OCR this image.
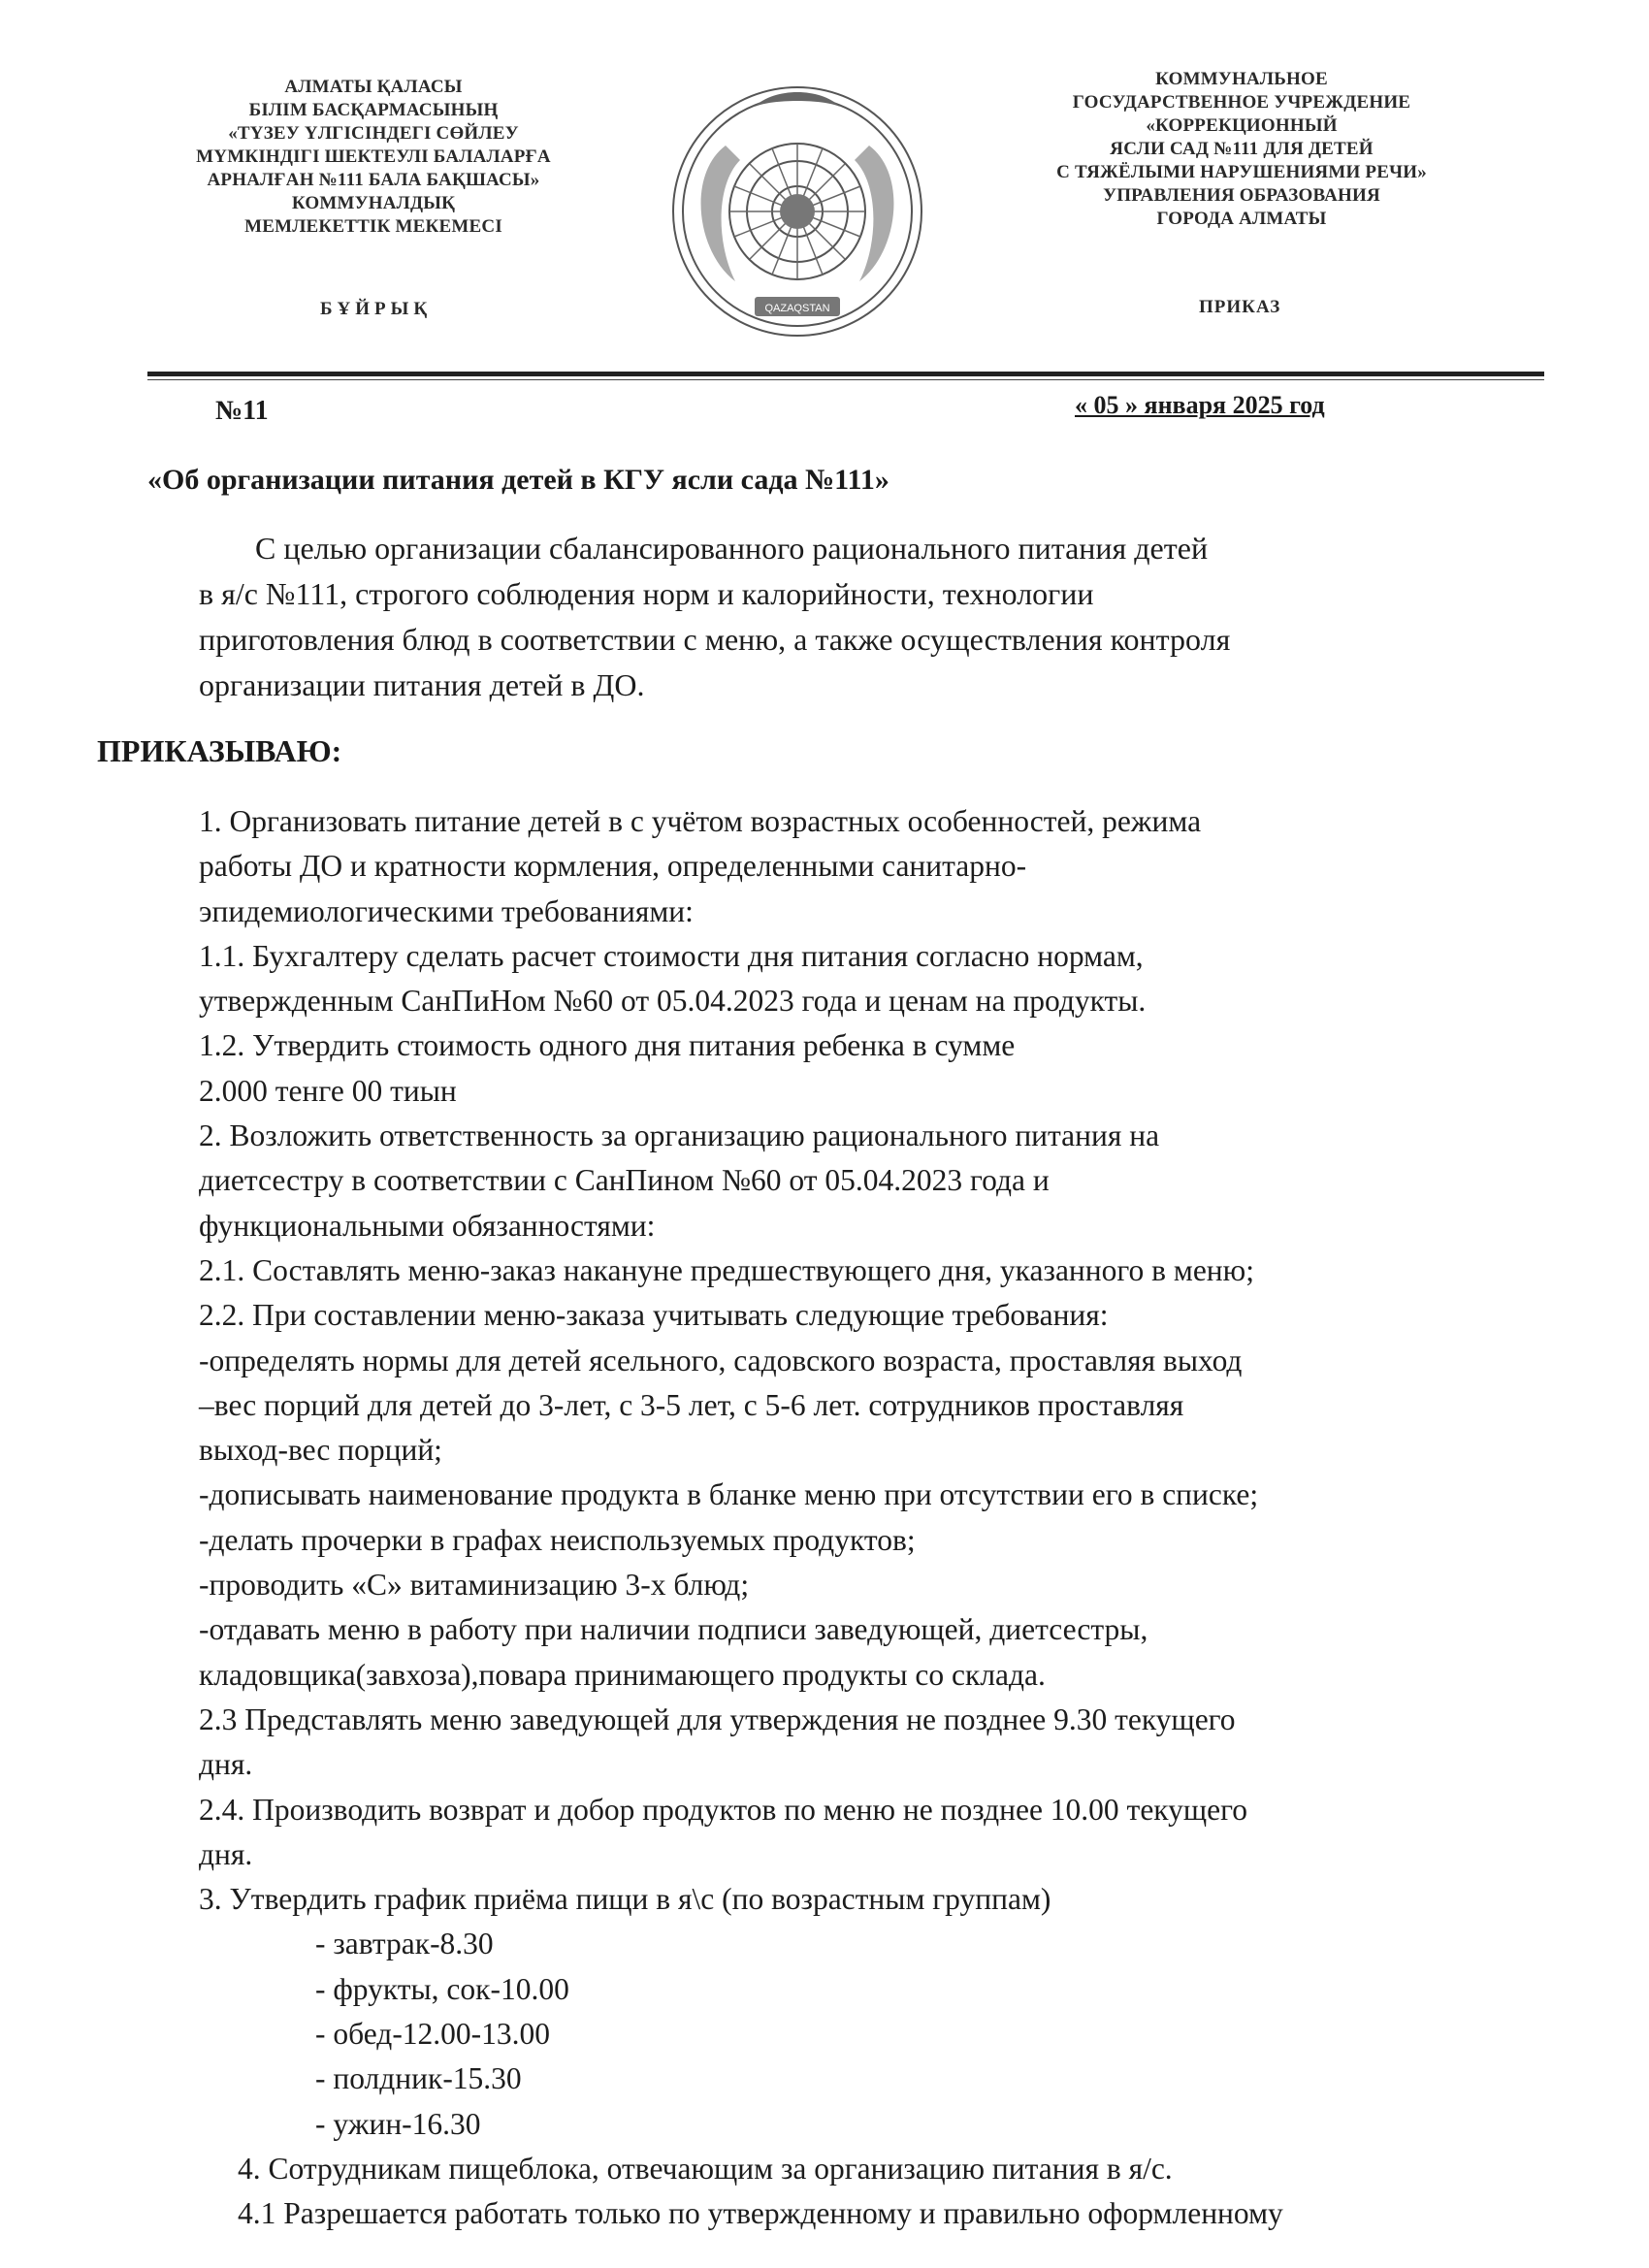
АЛМАТЫ ҚАЛАСЫ
БІЛІМ БАСҚАРМАСЫНЫҢ
«ТҮЗЕУ ҮЛГІСІНДЕГІ СӨЙЛЕУ
МҮМКІНДІГІ ШЕКТЕУЛІ БАЛАЛАРҒА
АРНАЛҒАН №111 БАЛА БАҚШАСЫ»
КОММУНАЛДЫҚ
МЕМЛЕКЕТТІК МЕКЕМЕСІ
БҰЙРЫҚ	QAZAQSTAN
КОММУНАЛЬНОЕ
ГОСУДАРСТВЕННОЕ УЧРЕЖДЕНИЕ
«КОРРЕКЦИОННЫЙ
ЯСЛИ САД №111 ДЛЯ ДЕТЕЙ
С ТЯЖЁЛЫМИ НАРУШЕНИЯМИ РЕЧИ»
УПРАВЛЕНИЯ ОБРАЗОВАНИЯ
ГОРОДА АЛМАТЫ
ПРИКАЗ
№11	« 05 » января 2025 год
«Об организации питания детей в КГУ ясли сада №111»
С целью организации сбалансированного рационального питания детей
в я/с №111, строгого соблюдения норм и калорийности, технологии
приготовления блюд в соответствии с меню, а также осуществления контроля
организации питания детей в ДО.
ПРИКАЗЫВАЮ:
1. Организовать питание детей в с учётом возрастных особенностей, режима
работы ДО и кратности кормления, определенными санитарно-
эпидемиологическими требованиями:
1.1. Бухгалтеру сделать расчет стоимости дня питания согласно нормам,
утвержденным СанПиНом №60 от 05.04.2023 года и ценам на продукты.
1.2. Утвердить стоимость одного дня питания ребенка в сумме
2.000 тенге 00 тиын
2. Возложить ответственность за организацию рационального питания на
диетсестру в соответствии с СанПином №60 от 05.04.2023 года и
функциональными обязанностями:
2.1. Составлять меню-заказ накануне предшествующего дня, указанного в меню;
2.2. При составлении меню-заказа учитывать следующие требования:
-определять нормы для детей ясельного, садовского возраста, проставляя выход
–вес порций для детей до 3-лет, с 3-5 лет, с 5-6 лет. сотрудников проставляя
выход-вес порций;
-дописывать наименование продукта в бланке меню при отсутствии его в списке;
-делать прочерки в графах неиспользуемых продуктов;
-проводить «С» витаминизацию 3-х блюд;
-отдавать меню в работу при наличии подписи заведующей, диетсестры,
кладовщика(завхоза),повара принимающего продукты со склада.
2.3 Представлять меню заведующей для утверждения не позднее 9.30 текущего
дня.
2.4. Производить возврат и добор продуктов по меню не позднее 10.00 текущего
дня.
3. Утвердить график приёма пищи в я\с (по возрастным группам)
- завтрак-8.30
- фрукты, сок-10.00
- обед-12.00-13.00
- полдник-15.30
- ужин-16.30
4. Сотрудникам пищеблока, отвечающим за организацию питания в я/с.
4.1 Разрешается работать только по утвержденному и правильно оформленному
